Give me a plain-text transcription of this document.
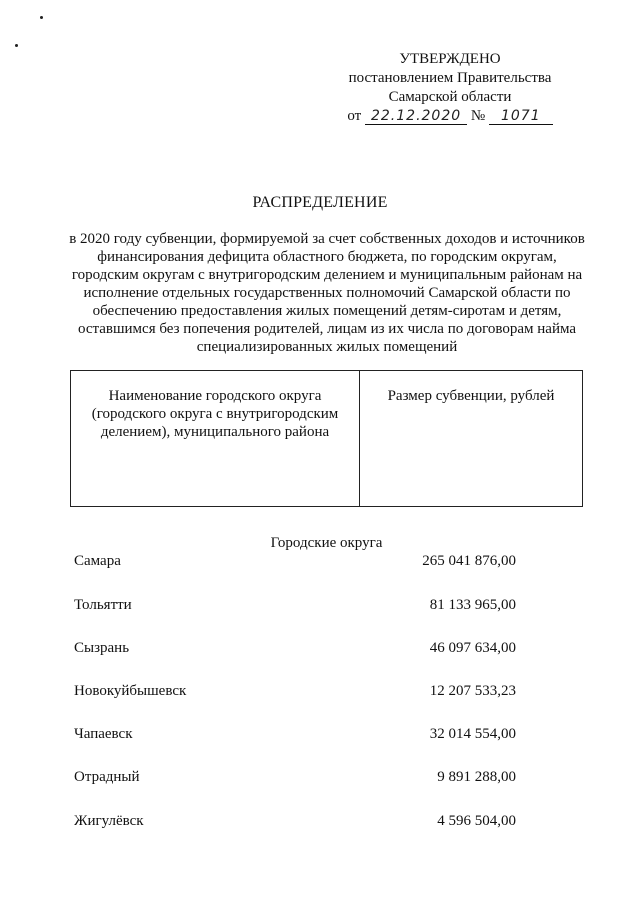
УТВЕРЖДЕНО
постановлением Правительства
Самарской области
от 22.12.2020 № 1071
РАСПРЕДЕЛЕНИЕ
в 2020 году субвенции, формируемой за счет собственных доходов и источников финансирования дефицита областного бюджета, по городским округам, городским округам с внутригородским делением и муниципальным районам на исполнение отдельных государственных полномочий Самарской области по обеспечению предоставления жилых помещений детям-сиротам и детям, оставшимся без попечения родителей, лицам из их числа по договорам найма специализированных жилых помещений
Наименование городского округа (городского округа с внутригородским делением), муниципального района
Размер субвенции, рублей
Городские округа
Самара	265 041 876,00
Тольятти	81 133 965,00
Сызрань	46 097 634,00
Новокуйбышевск	12 207 533,23
Чапаевск	32 014 554,00
Отрадный	9 891 288,00
Жигулёвск	4 596 504,00
